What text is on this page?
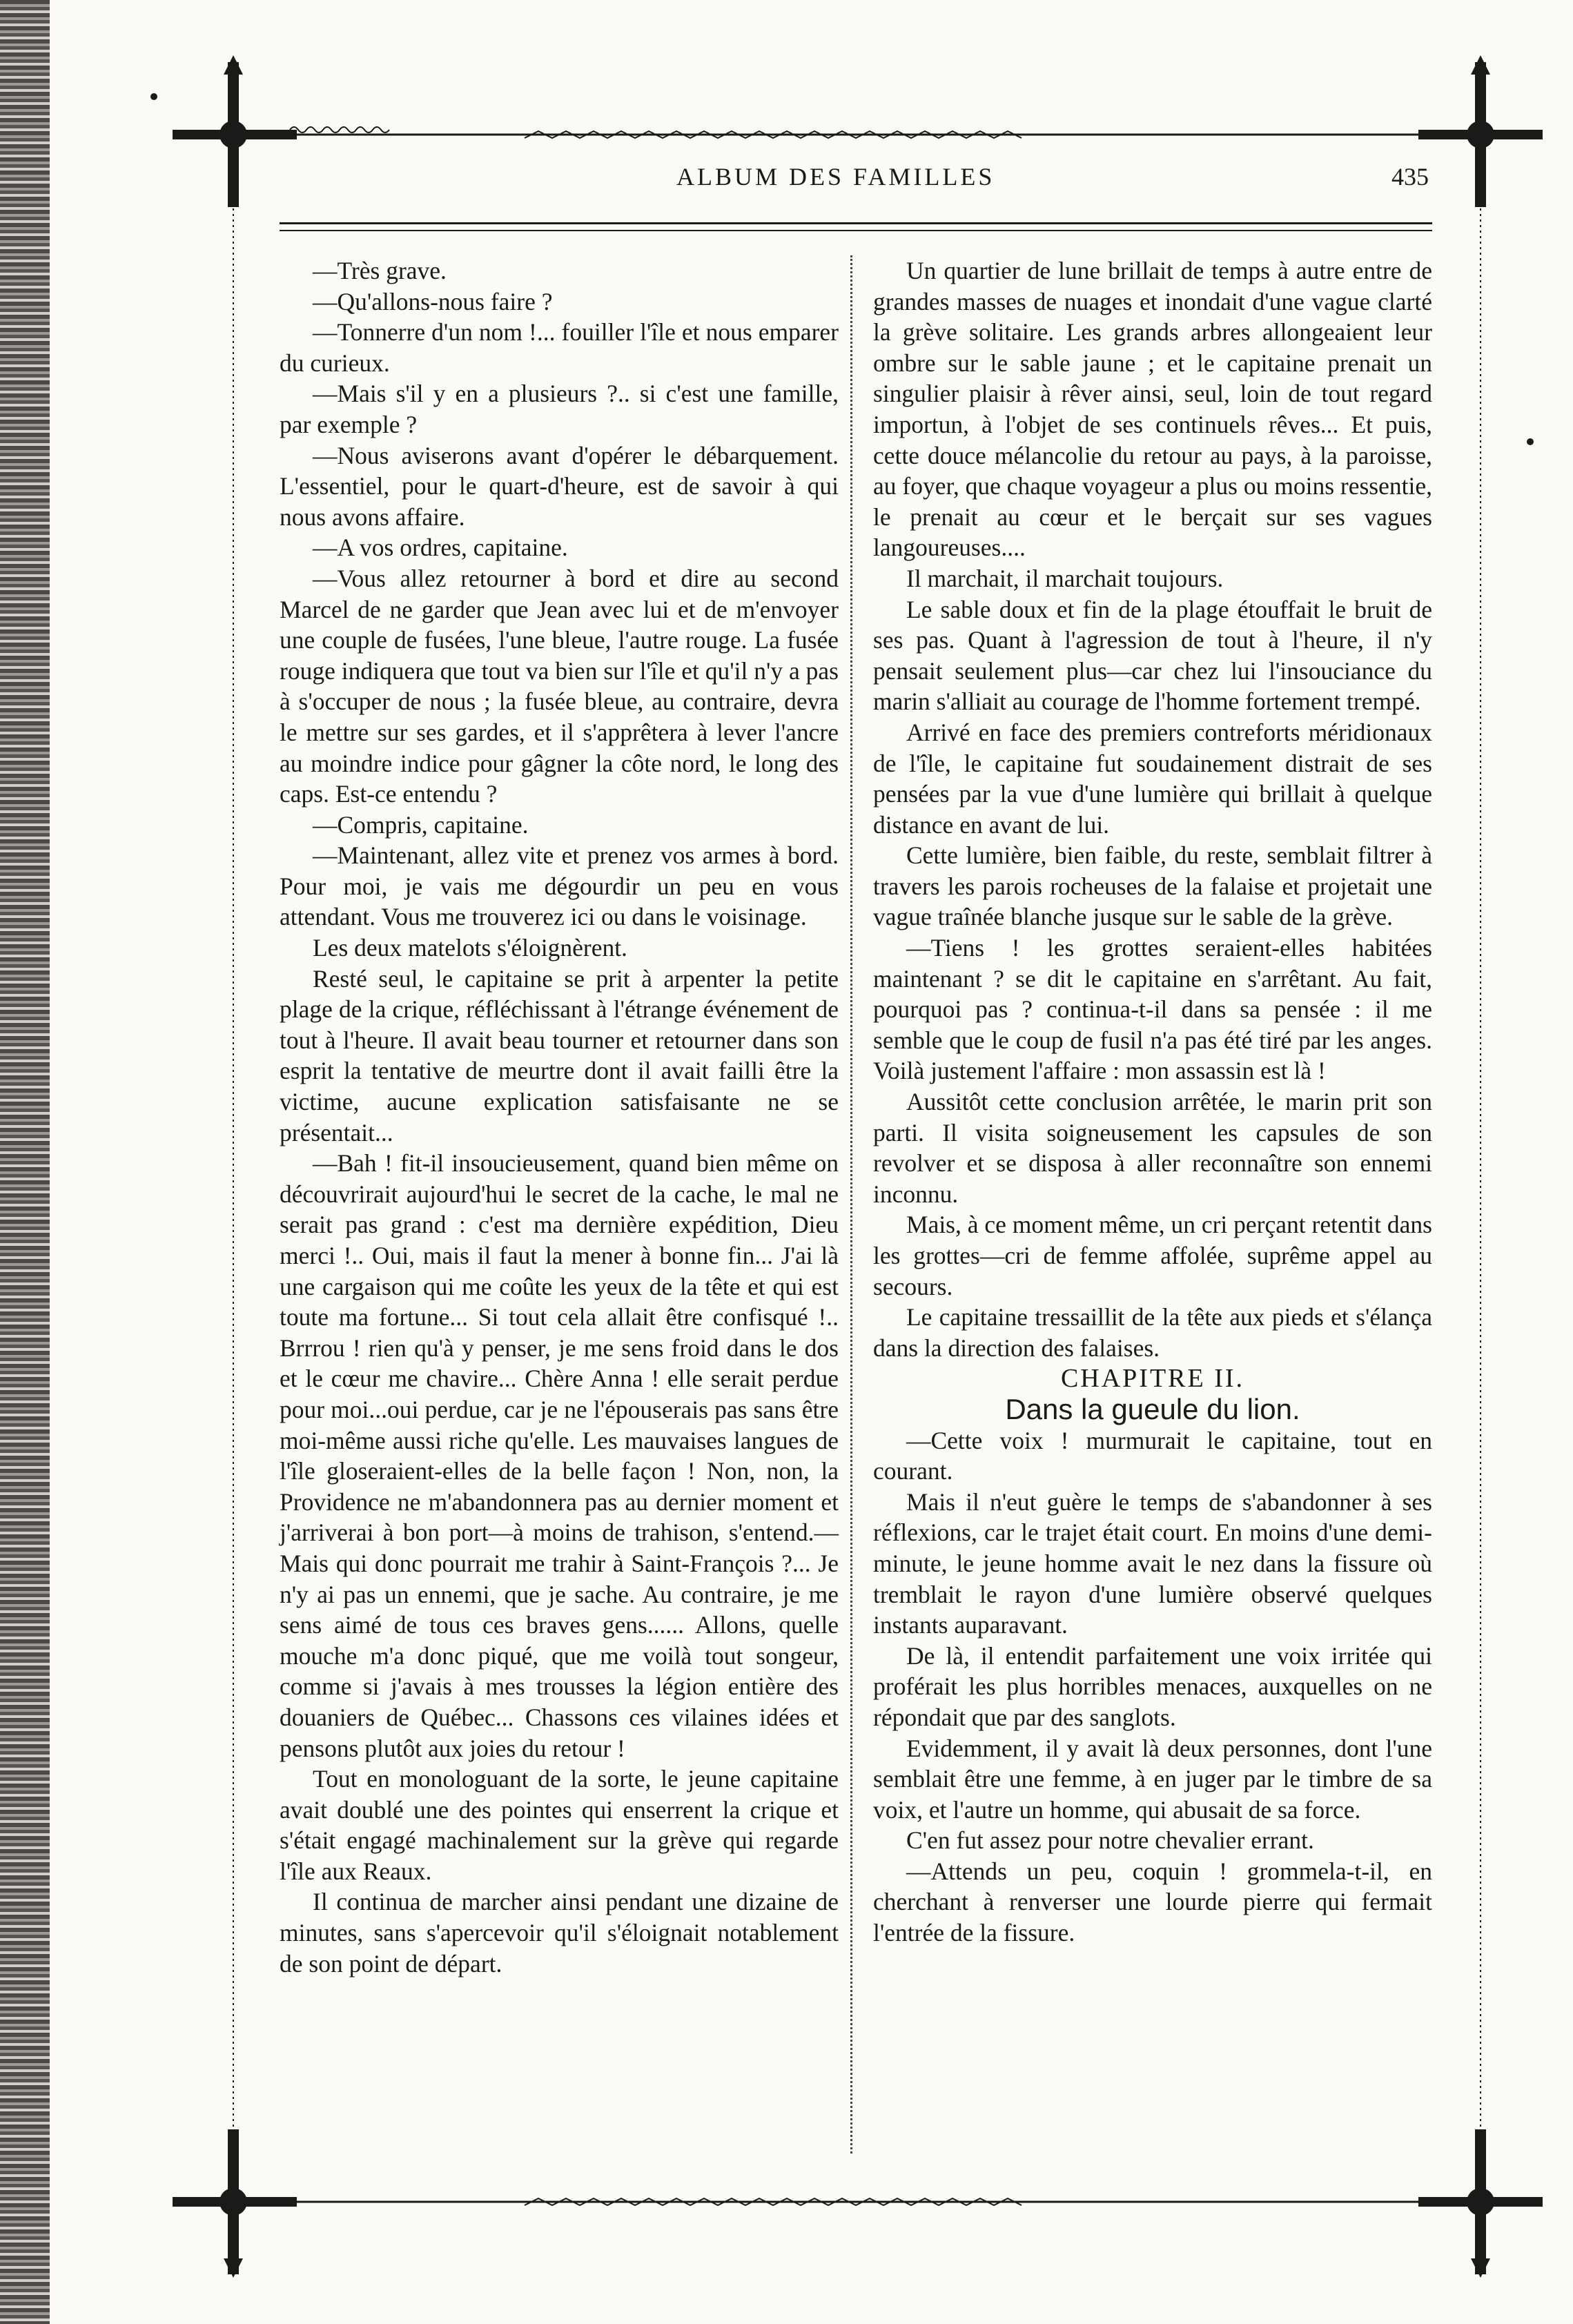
ALBUM DES FAMILLES	435

—Très grave.

—Qu'allons-nous faire ?

—Tonnerre d'un nom !... fouiller l'île et nous emparer du curieux.

—Mais s'il y en a plusieurs ?.. si c'est une famille, par exemple ?

—Nous aviserons avant d'opérer le débarquement. L'essentiel, pour le quart-d'heure, est de savoir à qui nous avons affaire.

—A vos ordres, capitaine.

—Vous allez retourner à bord et dire au second Marcel de ne garder que Jean avec lui et de m'envoyer une couple de fusées, l'une bleue, l'autre rouge. La fusée rouge indiquera que tout va bien sur l'île et qu'il n'y a pas à s'occuper de nous ; la fusée bleue, au contraire, devra le mettre sur ses gardes, et il s'apprêtera à lever l'ancre au moindre indice pour gâgner la côte nord, le long des caps. Est-ce entendu ?

—Compris, capitaine.

—Maintenant, allez vite et prenez vos armes à bord. Pour moi, je vais me dégourdir un peu en vous attendant. Vous me trouverez ici ou dans le voisinage.

Les deux matelots s'éloignèrent.

Resté seul, le capitaine se prit à arpenter la petite plage de la crique, réfléchissant à l'étrange événement de tout à l'heure. Il avait beau tourner et retourner dans son esprit la tentative de meurtre dont il avait failli être la victime, aucune explication satisfaisante ne se présentait...

—Bah ! fit-il insoucieusement, quand bien même on découvrirait aujourd'hui le secret de la cache, le mal ne serait pas grand : c'est ma dernière expédition, Dieu merci !.. Oui, mais il faut la mener à bonne fin... J'ai là une cargaison qui me coûte les yeux de la tête et qui est toute ma fortune... Si tout cela allait être confisqué !.. Brrrou ! rien qu'à y penser, je me sens froid dans le dos et le cœur me chavire... Chère Anna ! elle serait perdue pour moi...oui perdue, car je ne l'épouserais pas sans être moi-même aussi riche qu'elle. Les mauvaises langues de l'île gloseraient-elles de la belle façon ! Non, non, la Providence ne m'abandonnera pas au dernier moment et j'arriverai à bon port—à moins de trahison, s'entend.—Mais qui donc pourrait me trahir à Saint-François ?... Je n'y ai pas un ennemi, que je sache. Au contraire, je me sens aimé de tous ces braves gens...... Allons, quelle mouche m'a donc piqué, que me voilà tout songeur, comme si j'avais à mes trousses la légion entière des douaniers de Québec... Chassons ces vilaines idées et pensons plutôt aux joies du retour !

Tout en monologuant de la sorte, le jeune capitaine avait doublé une des pointes qui enserrent la crique et s'était engagé machinalement sur la grève qui regarde l'île aux Reaux.

Il continua de marcher ainsi pendant une dizaine de minutes, sans s'apercevoir qu'il s'éloignait notablement de son point de départ.

Un quartier de lune brillait de temps à autre entre de grandes masses de nuages et inondait d'une vague clarté la grève solitaire. Les grands arbres allongeaient leur ombre sur le sable jaune ; et le capitaine prenait un singulier plaisir à rêver ainsi, seul, loin de tout regard importun, à l'objet de ses continuels rêves... Et puis, cette douce mélancolie du retour au pays, à la paroisse, au foyer, que chaque voyageur a plus ou moins ressentie, le prenait au cœur et le berçait sur ses vagues langoureuses....

Il marchait, il marchait toujours.

Le sable doux et fin de la plage étouffait le bruit de ses pas. Quant à l'agression de tout à l'heure, il n'y pensait seulement plus—car chez lui l'insouciance du marin s'alliait au courage de l'homme fortement trempé.

Arrivé en face des premiers contreforts méridionaux de l'île, le capitaine fut soudainement distrait de ses pensées par la vue d'une lumière qui brillait à quelque distance en avant de lui.

Cette lumière, bien faible, du reste, semblait filtrer à travers les parois rocheuses de la falaise et projetait une vague traînée blanche jusque sur le sable de la grève.

—Tiens ! les grottes seraient-elles habitées maintenant ? se dit le capitaine en s'arrêtant. Au fait, pourquoi pas ? continua-t-il dans sa pensée : il me semble que le coup de fusil n'a pas été tiré par les anges. Voilà justement l'affaire : mon assassin est là !

Aussitôt cette conclusion arrêtée, le marin prit son parti. Il visita soigneusement les capsules de son revolver et se disposa à aller reconnaître son ennemi inconnu.

Mais, à ce moment même, un cri perçant retentit dans les grottes—cri de femme affolée, suprême appel au secours.

Le capitaine tressaillit de la tête aux pieds et s'élança dans la direction des falaises.

CHAPITRE II.

Dans la gueule du lion.

—Cette voix ! murmurait le capitaine, tout en courant.

Mais il n'eut guère le temps de s'abandonner à ses réflexions, car le trajet était court. En moins d'une demi-minute, le jeune homme avait le nez dans la fissure où tremblait le rayon d'une lumière observé quelques instants auparavant.

De là, il entendit parfaitement une voix irritée qui proférait les plus horribles menaces, auxquelles on ne répondait que par des sanglots.

Evidemment, il y avait là deux personnes, dont l'une semblait être une femme, à en juger par le timbre de sa voix, et l'autre un homme, qui abusait de sa force.

C'en fut assez pour notre chevalier errant.

—Attends un peu, coquin ! grommela-t-il, en cherchant à renverser une lourde pierre qui fermait l'entrée de la fissure.
